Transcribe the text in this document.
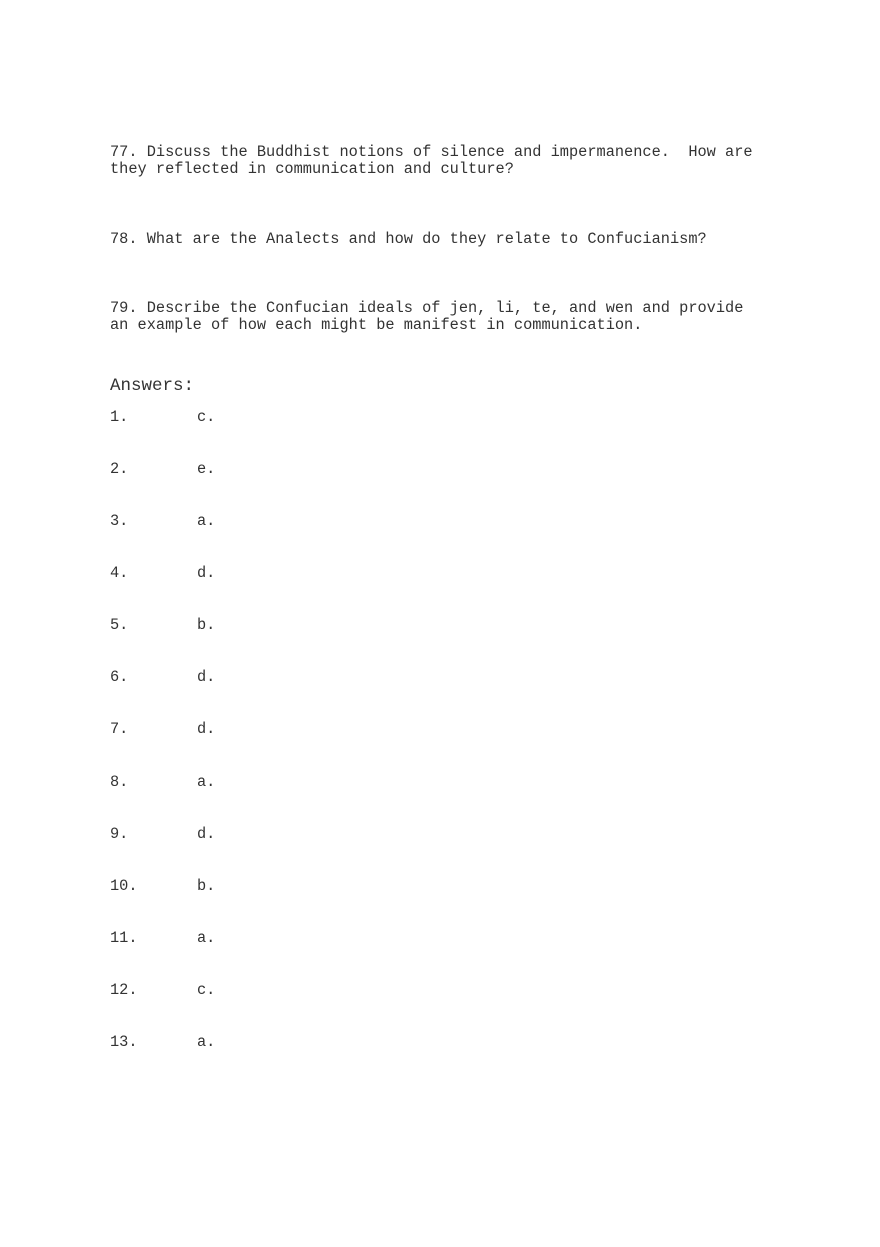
77. Discuss the Buddhist notions of silence and impermanence.  How are
they reflected in communication and culture?
78. What are the Analects and how do they relate to Confucianism?
79. Describe the Confucian ideals of jen, li, te, and wen and provide
an example of how each might be manifest in communication.
Answers:
1.	c.
2.	e.
3.	a.
4.	d.
5.	b.
6.	d.
7.	d.
8.	a.
9.	d.
10.	b.
11.	a.
12.	c.
13.	a.
